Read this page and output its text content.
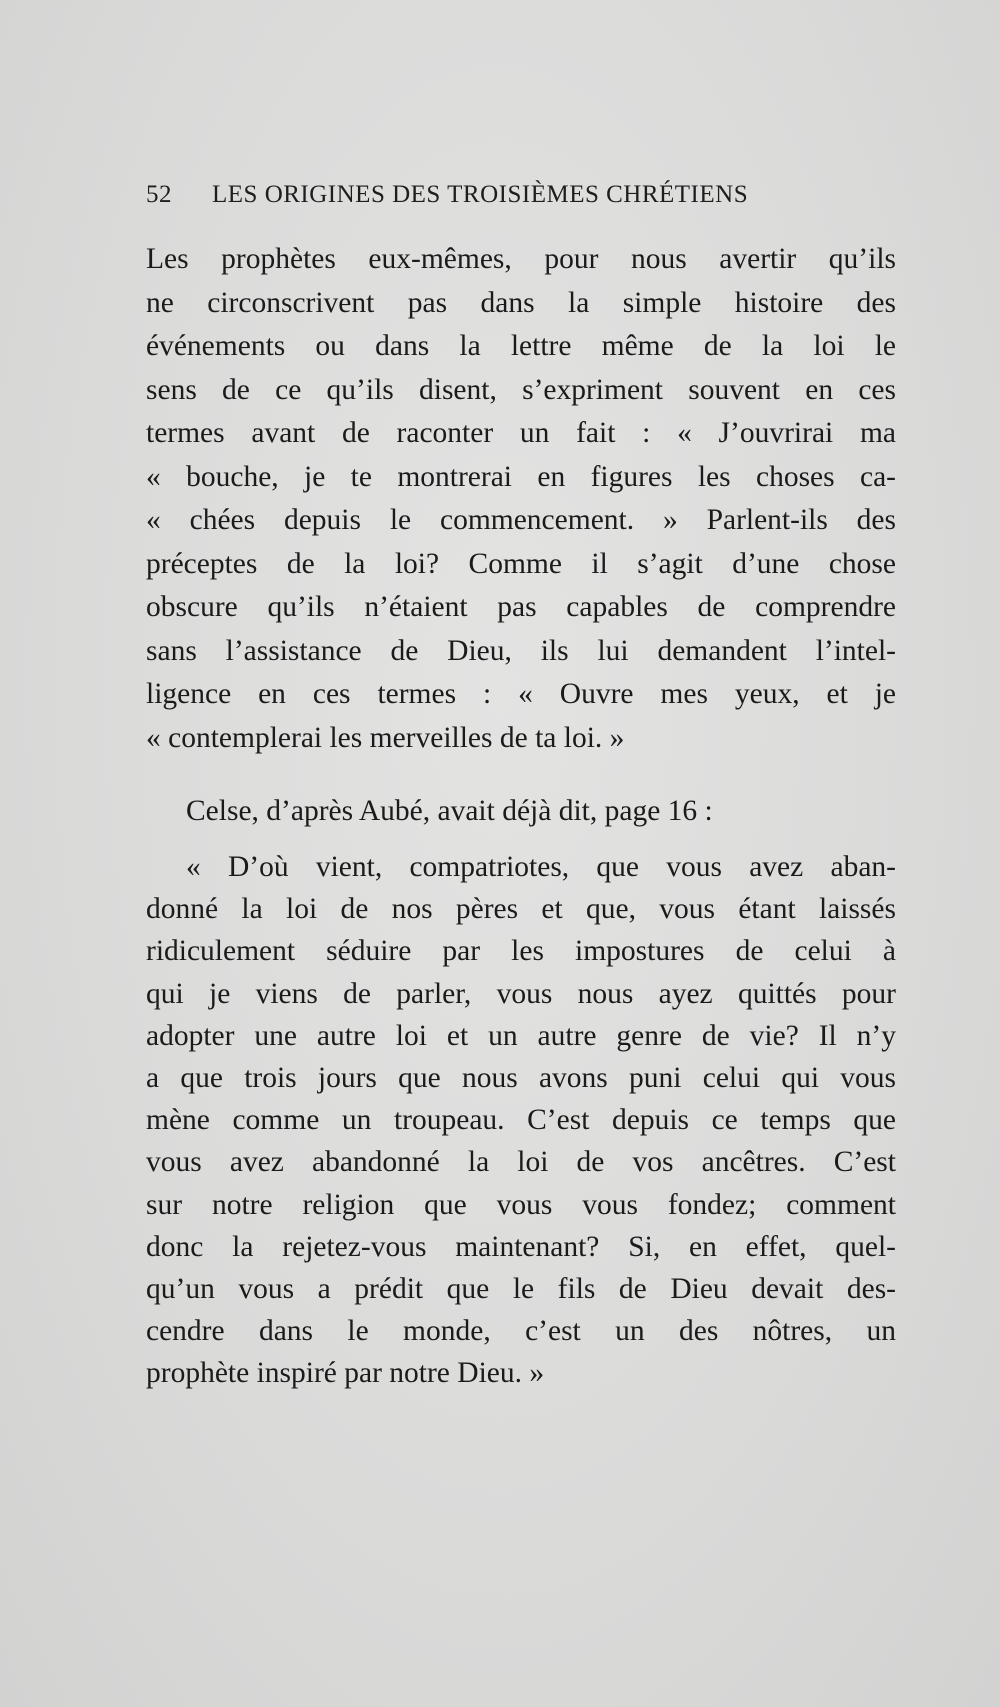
52	LES ORIGINES DES TROISIÈMES CHRÉTIENS
Les prophètes eux-mêmes, pour nous avertir qu’ils
ne circonscrivent pas dans la simple histoire des
événements ou dans la lettre même de la loi le
sens de ce qu’ils disent, s’expriment souvent en ces
termes avant de raconter un fait : « J’ouvrirai ma
« bouche, je te montrerai en figures les choses ca-
« chées depuis le commencement. » Parlent-ils des
préceptes de la loi? Comme il s’agit d’une chose
obscure qu’ils n’étaient pas capables de comprendre
sans l’assistance de Dieu, ils lui demandent l’intel-
ligence en ces termes : « Ouvre mes yeux, et je
« contemplerai les merveilles de ta loi. »
Celse, d’après Aubé, avait déjà dit, page 16 :
« D’où vient, compatriotes, que vous avez aban-
donné la loi de nos pères et que, vous étant laissés
ridiculement séduire par les impostures de celui à
qui je viens de parler, vous nous ayez quittés pour
adopter une autre loi et un autre genre de vie? Il n’y
a que trois jours que nous avons puni celui qui vous
mène comme un troupeau. C’est depuis ce temps que
vous avez abandonné la loi de vos ancêtres. C’est
sur notre religion que vous vous fondez; comment
donc la rejetez-vous maintenant? Si, en effet, quel-
qu’un vous a prédit que le fils de Dieu devait des-
cendre dans le monde, c’est un des nôtres, un
prophète inspiré par notre Dieu. »
